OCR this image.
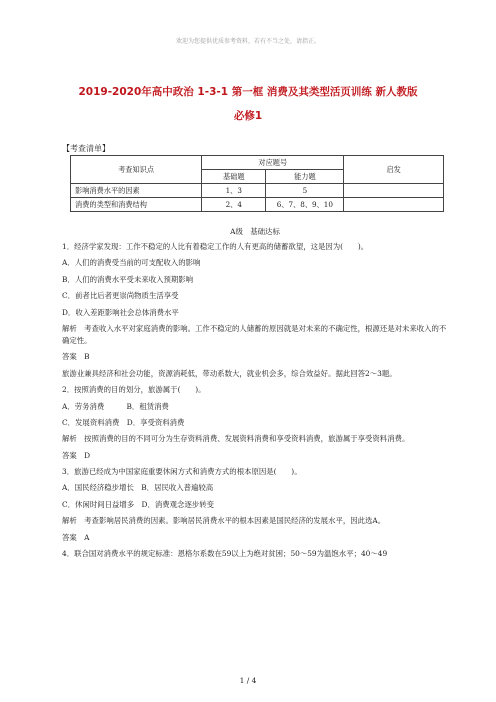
欢迎为您提供优质参考资料，若有不当之处，请指正。
2019-2020年高中政治 1-3-1 第一框 消费及其类型活页训练 新人教版
必修1
【考查清单】
考查知识点	对应题号		启发
	基础题	能力题	
影响消费水平的因素	1、3	5	
消费的类型和消费结构	2、4	6、7、8、9、10	
A级　基础达标

1．经济学家发现：工作不稳定的人比有着稳定工作的人有更高的储蓄欲望，这是因为(　　)。

A．人们的消费受当前的可支配收入的影响

B．人们的消费水平受未来收入预期影响

C．前者比后者更崇尚物质生活享受

D．收入差距影响社会总体消费水平

解析　考查收入水平对家庭消费的影响。工作不稳定的人储蓄的原因就是对未来的不确定性，根源还是对未来收入的不确定性。

答案　B

旅游业兼具经济和社会功能，资源消耗低，带动系数大，就业机会多，综合效益好。据此回答2～3题。

2．按照消费的目的划分，旅游属于(　　)。

A．劳务消费　　　B．租赁消费

C．发展资料消费　D．享受资料消费

解析　按照消费的目的不同可分为生存资料消费、发展资料消费和享受资料消费，旅游属于享受资料消费。

答案　D

3．旅游已经成为中国家庭重要休闲方式和消费方式的根本原因是(　　)。

A．国民经济稳步增长　B．居民收入普遍较高

C．休闲时间日益增多　D．消费观念逐步转变

解析　考查影响居民消费的因素。影响居民消费水平的根本因素是国民经济的发展水平，因此选A。

答案　A

4．联合国对消费水平的规定标准：恩格尔系数在59以上为绝对贫困；50～59为温饱水平；40～49

1 / 4
